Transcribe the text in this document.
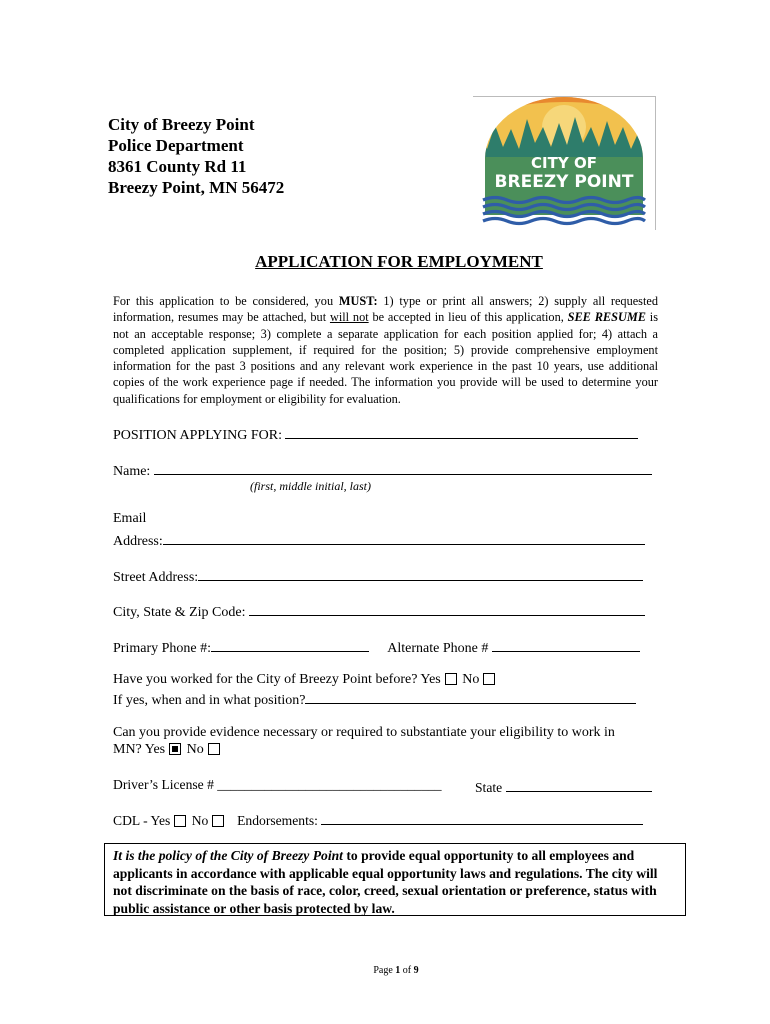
City of Breezy Point
Police Department
8361 County Rd 11
Breezy Point, MN 56472
CITY OF
BREEZY POINT
APPLICATION FOR EMPLOYMENT
For this application to be considered, you MUST: 1) type or print all answers; 2) supply all requested information, resumes may be attached, but will not be accepted in lieu of this application, SEE RESUME is not an acceptable response; 3) complete a separate application for each position applied for; 4) attach a completed application supplement, if required for the position; 5) provide comprehensive employment information for the past 3 positions and any relevant work experience in the past 10 years, use additional copies of the work experience page if needed. The information you provide will be used to determine your qualifications for employment or eligibility for evaluation.
POSITION APPLYING FOR:
Name:
(first, middle initial, last)
Email
Address:
Street Address:
City, State & Zip Code:
Primary Phone #:	Alternate Phone #
Have you worked for the City of Breezy Point before? Yes No
If yes, when and in what position?
Can you provide evidence necessary or required to substantiate your eligibility to work in
MN? Yes No
Driver’s License # _________________________________ State
CDL - Yes No Endorsements:
It is the policy of the City of Breezy Point to provide equal opportunity to all employees and applicants in accordance with applicable equal opportunity laws and regulations. The city will not discriminate on the basis of race, color, creed, sexual orientation or preference, status with public assistance or other basis protected by law.
Page 1 of 9
